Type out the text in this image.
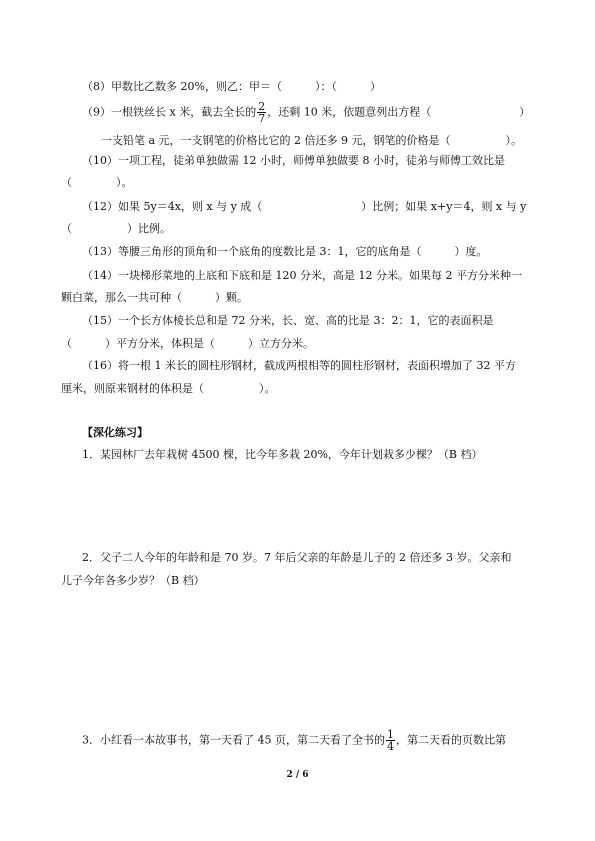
（8）甲数比乙数多 20%，则乙：甲＝（　　　）：（　　　）
（9）一根铁丝长 x 米，截去全长的 $\frac{2}{7}$ ，还剩 10 米，依题意列出方程（　　　　　　　　）
一支铅笔 a 元，一支钢笔的价格比它的 2 倍还多 9 元，钢笔的价格是（　　　　　）。
（10）一项工程，徒弟单独做需 12 小时，师傅单独做要 8 小时，徒弟与师傅工效比是
（　　　　）。
（12）如果 5y＝4x，则 x 与 y 成（　　　　　　　　　）比例；如果 x+y＝4，则 x 与 y
（　　　　　）比例。
（13）等腰三角形的顶角和一个底角的度数比是 3：1，它的底角是（　　　）度。
（14）一块梯形菜地的上底和下底和是 120 分米，高是 12 分米。如果每 2 平方分米种一
颗白菜，那么一共可种（　　　）颗。
（15）一个长方体棱长总和是 72 分米，长、宽、高的比是 3：2：1，它的表面积是
（　　　）平方分米，体积是（　　　）立方分米。
（16）将一根 1 米长的圆柱形钢材，截成两根相等的圆柱形钢材，表面积增加了 32 平方
厘米，则原来钢材的体积是（　　　　　）。
【深化练习】
1．某园林厂去年栽树 4500 棵，比今年多栽 20%，今年计划栽多少棵？（B 档）
2．父子二人今年的年龄和是 70 岁。7 年后父亲的年龄是儿子的 2 倍还多 3 岁。父亲和
儿子今年各多少岁？（B 档）
3．小红看一本故事书，第一天看了 45 页，第二天看了全书的 $\frac{1}{4}$ ，第二天看的页数比第
2 / 6
